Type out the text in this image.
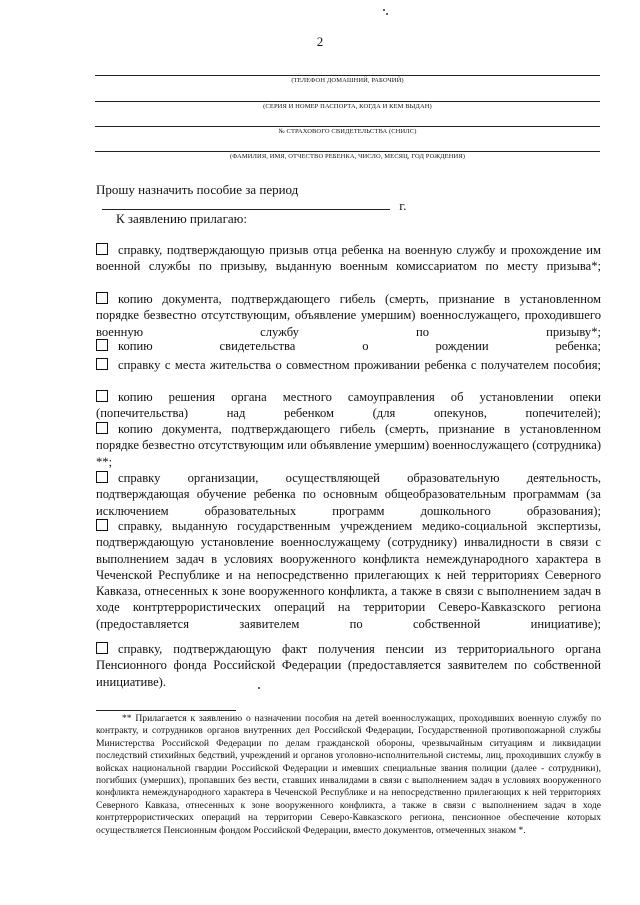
2
(ТЕЛЕФОН ДОМАШНИЙ, РАБОЧИЙ)
(СЕРИЯ И НОМЕР ПАСПОРТА, КОГДА И КЕМ ВЫДАН)
№ СТРАХОВОГО СВИДЕТЕЛЬСТВА (СНИЛС)
(ФАМИЛИЯ, ИМЯ, ОТЧЕСТВО РЕБЕНКА, ЧИСЛО, МЕСЯЦ, ГОД РОЖДЕНИЯ)
Прошу назначить пособие за период  г.
К заявлению прилагаю:
справку, подтверждающую призыв отца ребенка на военную службу и прохождение им военной службы по призыву, выданную военным комиссариатом по месту призыва*;
копию документа, подтверждающего гибель (смерть, признание в установленном порядке безвестно отсутствующим, объявление умершим) военнослужащего, проходившего военную службу по призыву*;
копию свидетельства о рождении ребенка;
справку с места жительства о совместном проживании ребенка с получателем пособия;
копию решения органа местного самоуправления об установлении опеки (попечительства) над ребенком (для опекунов, попечителей);
копию документа, подтверждающего гибель (смерть, признание в установленном порядке безвестно отсутствующим или объявление умершим) военнослужащего (сотрудника) **;
справку организации, осуществляющей образовательную деятельность, подтверждающая обучение ребенка по основным общеобразовательным программам (за исключением образовательных программ дошкольного образования);
справку, выданную государственным учреждением медико-социальной экспертизы, подтверждающую установление военнослужащему (сотруднику) инвалидности в связи с выполнением задач в условиях вооруженного конфликта немеждународного характера в Чеченской Республике и на непосредственно прилегающих к ней территориях Северного Кавказа, отнесенных к зоне вооруженного конфликта, а также в связи с выполнением задач в ходе контртеррористических операций на территории Северо-Кавказского региона (предоставляется заявителем по собственной инициативе);
справку, подтверждающую факт получения пенсии из территориального органа Пенсионного фонда Российской Федерации (предоставляется заявителем по собственной инициативе).
** Прилагается к заявлению о назначении пособия на детей военнослужащих, проходивших военную службу по контракту, и сотрудников органов внутренних дел Российской Федерации, Государственной противопожарной службы Министерства Российской Федерации по делам гражданской обороны, чрезвычайным ситуациям и ликвидации последствий стихийных бедствий, учреждений и органов уголовно-исполнительной системы, лиц, проходивших службу в войсках национальной гвардии Российской Федерации и имевших специальные звания полиции (далее - сотрудники), погибших (умерших), пропавших без вести, ставших инвалидами в связи с выполнением задач в условиях вооруженного конфликта немеждународного характера в Чеченской Республике и на непосредственно прилегающих к ней территориях Северного Кавказа, отнесенных к зоне вооруженного конфликта, а также в связи с выполнением задач в ходе контртеррористических операций на территории Северо-Кавказского региона, пенсионное обеспечение которых осуществляется Пенсионным фондом Российской Федерации, вместо документов, отмеченных знаком *.
